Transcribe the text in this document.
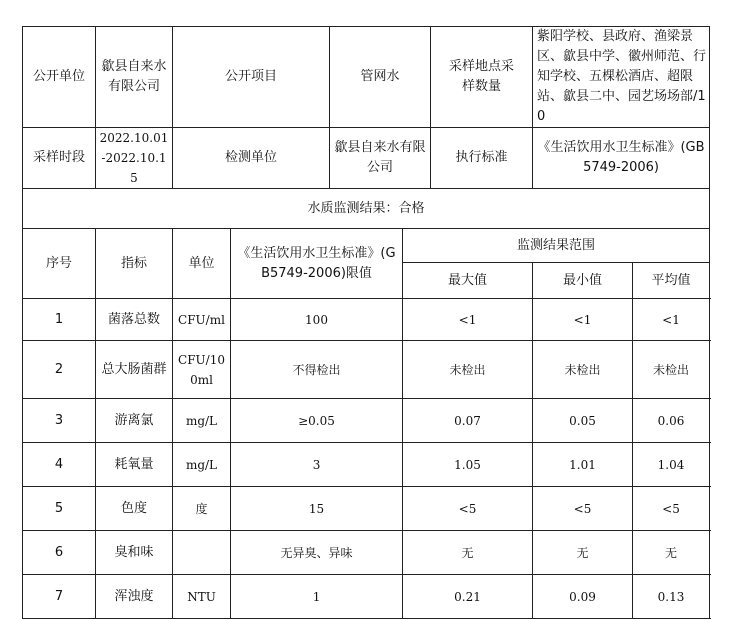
公开单位	歙县自来水有限公司	公开项目		管网水		采样地点采样数量	紫阳学校、县政府、渔梁景区、歙县中学、徽州师范、行知学校、五棵松酒店、超限站、歙县二中、园艺场场部/10	
采样时段	2022.10.01-2022.10.15	检测单位		歙县自来水有限公司		执行标准	《生活饮用水卫生标准》(GB5749-2006)	
水质监测结果：合格								
序号	指标	单位	《生活饮用水卫生标准》(GB5749-2006)限值		监测结果范围			
					最大值		最小值	平均值
1	菌落总数	CFU/ml	100		<1		<1	<1
2	总大肠菌群	CFU/100ml	不得检出		未检出		未检出	未检出
3	游离氯	mg/L	≥0.05		0.07		0.05	0.06
4	耗氧量	mg/L	3		1.05		1.01	1.04
5	色度	度	15		<5		<5	<5
6	臭和味		无异臭、异味		无		无	无
7	浑浊度	NTU	1		0.21		0.09	0.13
